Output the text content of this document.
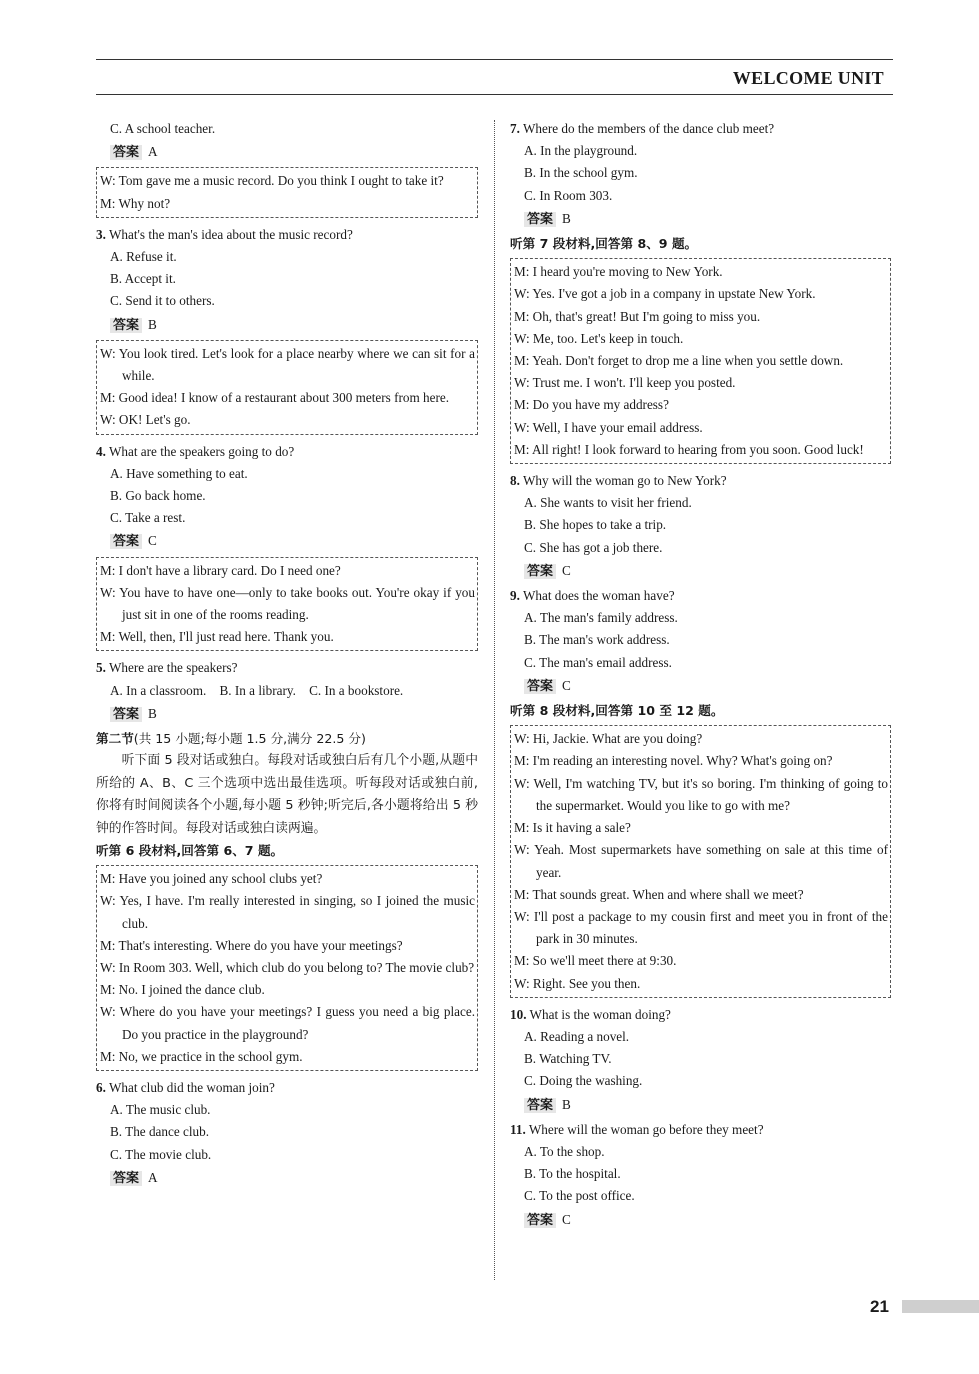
WELCOME UNIT
C. A school teacher.
答案 A
W: Tom gave me a music record. Do you think I ought to take it?
M: Why not?
3. What's the man's idea about the music record?
A. Refuse it.
B. Accept it.
C. Send it to others.
答案 B
W: You look tired. Let's look for a place nearby where we can sit for a while.
M: Good idea! I know of a restaurant about 300 meters from here.
W: OK! Let's go.
4. What are the speakers going to do?
A. Have something to eat.
B. Go back home.
C. Take a rest.
答案 C
M: I don't have a library card. Do I need one?
W: You have to have one—only to take books out. You're okay if you just sit in one of the rooms reading.
M: Well, then, I'll just read here. Thank you.
5. Where are the speakers?
A. In a classroom.    B. In a library.    C. In a bookstore.
答案 B
第二节(共 15 小题;每小题 1.5 分,满分 22.5 分)
听下面 5 段对话或独白。每段对话或独白后有几个小题,从题中所给的 A、B、C 三个选项中选出最佳选项。听每段对话或独白前,你将有时间阅读各个小题,每小题 5 秒钟;听完后,各小题将给出 5 秒钟的作答时间。每段对话或独白读两遍。
听第 6 段材料,回答第 6、7 题。
M: Have you joined any school clubs yet?
W: Yes, I have. I'm really interested in singing, so I joined the music club.
M: That's interesting. Where do you have your meetings?
W: In Room 303. Well, which club do you belong to? The movie club?
M: No. I joined the dance club.
W: Where do you have your meetings? I guess you need a big place. Do you practice in the playground?
M: No, we practice in the school gym.
6. What club did the woman join?
A. The music club.
B. The dance club.
C. The movie club.
答案 A
7. Where do the members of the dance club meet?
A. In the playground.
B. In the school gym.
C. In Room 303.
答案 B
听第 7 段材料,回答第 8、9 题。
M: I heard you're moving to New York.
W: Yes. I've got a job in a company in upstate New York.
M: Oh, that's great! But I'm going to miss you.
W: Me, too. Let's keep in touch.
M: Yeah. Don't forget to drop me a line when you settle down.
W: Trust me. I won't. I'll keep you posted.
M: Do you have my address?
W: Well, I have your email address.
M: All right! I look forward to hearing from you soon. Good luck!
8. Why will the woman go to New York?
A. She wants to visit her friend.
B. She hopes to take a trip.
C. She has got a job there.
答案 C
9. What does the woman have?
A. The man's family address.
B. The man's work address.
C. The man's email address.
答案 C
听第 8 段材料,回答第 10 至 12 题。
W: Hi, Jackie. What are you doing?
M: I'm reading an interesting novel. Why? What's going on?
W: Well, I'm watching TV, but it's so boring. I'm thinking of going to the supermarket. Would you like to go with me?
M: Is it having a sale?
W: Yeah. Most supermarkets have something on sale at this time of year.
M: That sounds great. When and where shall we meet?
W: I'll post a package to my cousin first and meet you in front of the park in 30 minutes.
M: So we'll meet there at 9:30.
W: Right. See you then.
10. What is the woman doing?
A. Reading a novel.
B. Watching TV.
C. Doing the washing.
答案 B
11. Where will the woman go before they meet?
A. To the shop.
B. To the hospital.
C. To the post office.
答案 C
21
